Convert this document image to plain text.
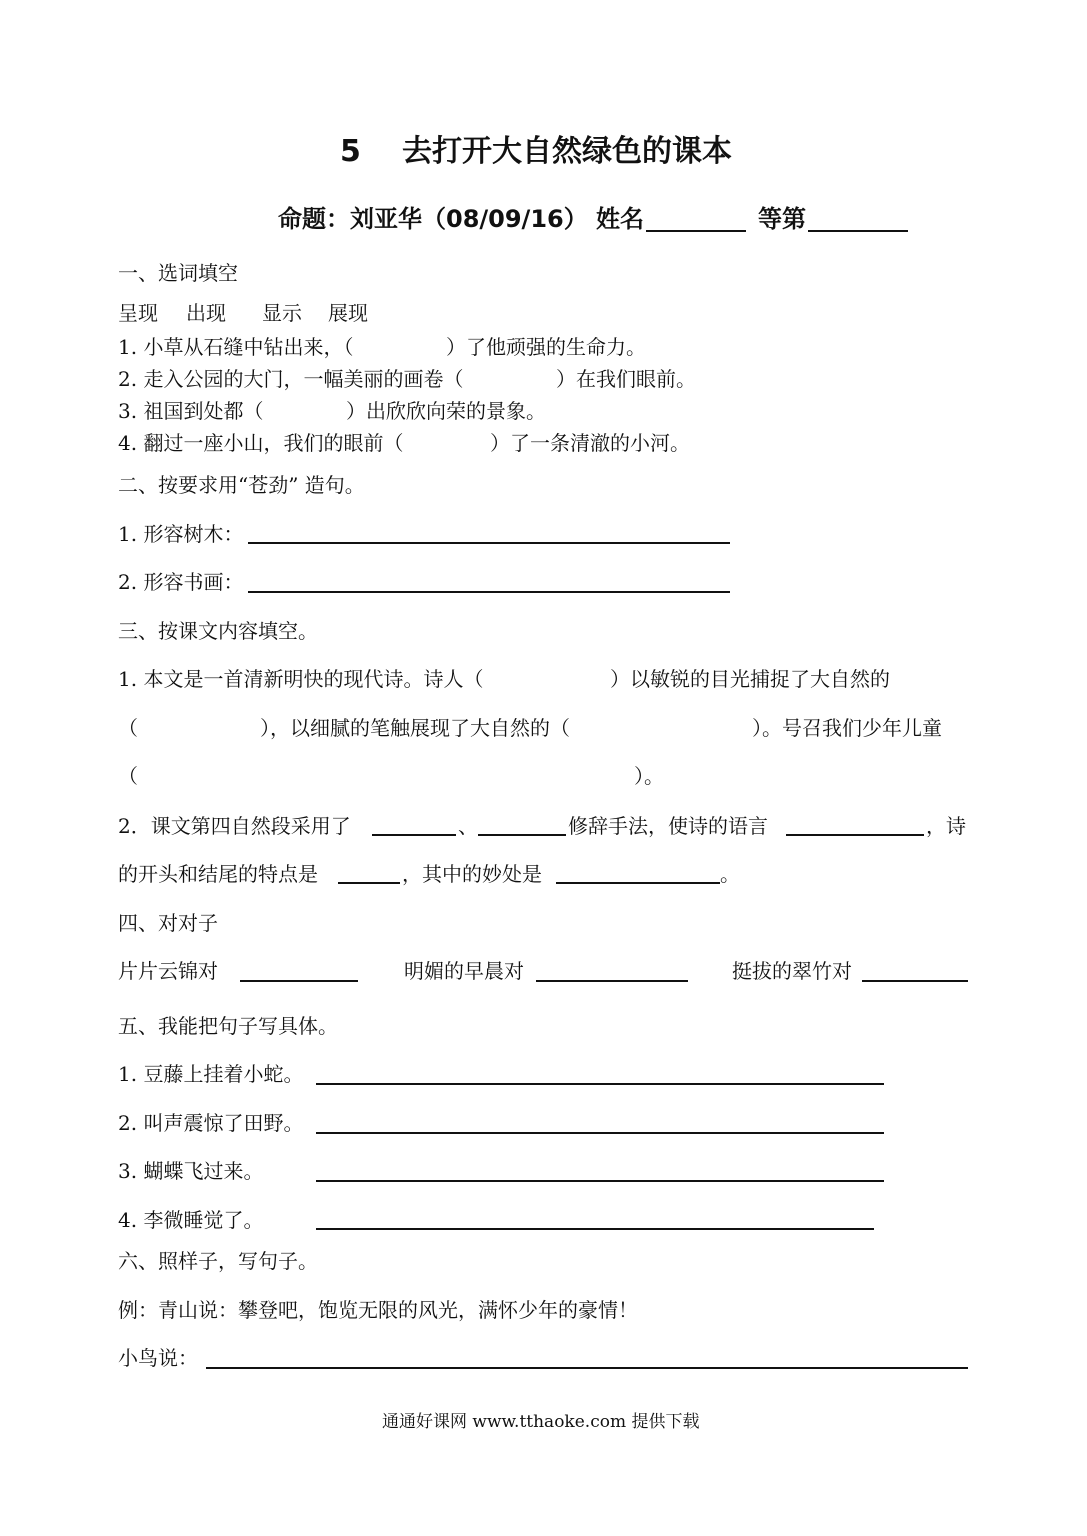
5 去打开大自然绿色的课本
命题：刘亚华（08/09/16） 姓名	等第
一、选词填空
呈现 出现 显示 展现
1. 小草从石缝中钻出来，（	）了他顽强的生命力。
2. 走入公园的大门，一幅美丽的画卷（	）在我们眼前。
3. 祖国到处都（	）出欣欣向荣的景象。
4. 翻过一座小山，我们的眼前（	）了一条清澈的小河。
二、按要求用“苍劲” 造句。
1. 形容树木：
2. 形容书画：
三、按课文内容填空。
1. 本文是一首清新明快的现代诗。诗人（	）以敏锐的目光捕捉了大自然的
（	），以细腻的笔触展现了大自然的（	）。号召我们少年儿童
（	）。
2．课文第四自然段采用了	、	修辞手法，使诗的语言	，诗
的开头和结尾的特点是	，其中的妙处是	。
四、对对子
片片云锦对	明媚的早晨对	挺拔的翠竹对
五、我能把句子写具体。
1. 豆藤上挂着小蛇。
2. 叫声震惊了田野。
3. 蝴蝶飞过来。
4. 李微睡觉了。
六、照样子，写句子。
例：青山说：攀登吧，饱览无限的风光，满怀少年的豪情！
小鸟说：
通通好课网 www.tthaoke.com 提供下载
